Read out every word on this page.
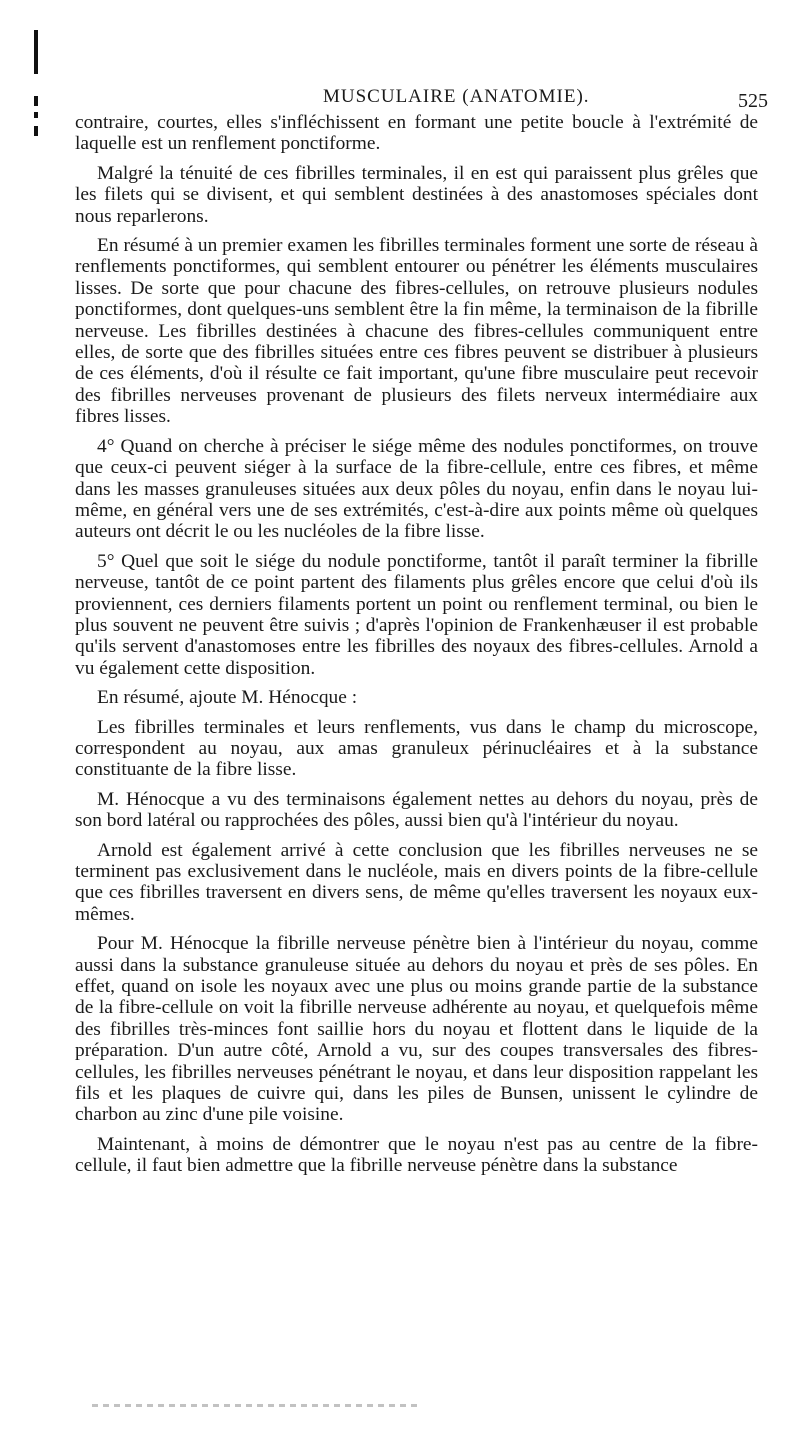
MUSCULAIRE (ANATOMIE).	525

contraire, courtes, elles s'infléchissent en formant une petite boucle à l'extrémité de laquelle est un renflement ponctiforme.

Malgré la ténuité de ces fibrilles terminales, il en est qui paraissent plus grêles que les filets qui se divisent, et qui semblent destinées à des anastomoses spéciales dont nous reparlerons.

En résumé à un premier examen les fibrilles terminales forment une sorte de réseau à renflements ponctiformes, qui semblent entourer ou pénétrer les éléments musculaires lisses. De sorte que pour chacune des fibres-cellules, on retrouve plusieurs nodules ponctiformes, dont quelques-uns semblent être la fin même, la terminaison de la fibrille nerveuse. Les fibrilles destinées à chacune des fibres-cellules communiquent entre elles, de sorte que des fibrilles situées entre ces fibres peuvent se distribuer à plusieurs de ces éléments, d'où il résulte ce fait important, qu'une fibre musculaire peut recevoir des fibrilles nerveuses provenant de plusieurs des filets nerveux intermédiaire aux fibres lisses.

4° Quand on cherche à préciser le siége même des nodules ponctiformes, on trouve que ceux-ci peuvent siéger à la surface de la fibre-cellule, entre ces fibres, et même dans les masses granuleuses situées aux deux pôles du noyau, enfin dans le noyau lui-même, en général vers une de ses extrémités, c'est-à-dire aux points même où quelques auteurs ont décrit le ou les nucléoles de la fibre lisse.

5° Quel que soit le siége du nodule ponctiforme, tantôt il paraît terminer la fibrille nerveuse, tantôt de ce point partent des filaments plus grêles encore que celui d'où ils proviennent, ces derniers filaments portent un point ou renflement terminal, ou bien le plus souvent ne peuvent être suivis ; d'après l'opinion de Frankenhæuser il est probable qu'ils servent d'anastomoses entre les fibrilles des noyaux des fibres-cellules. Arnold a vu également cette disposition.

En résumé, ajoute M. Hénocque :

Les fibrilles terminales et leurs renflements, vus dans le champ du microscope, correspondent au noyau, aux amas granuleux périnucléaires et à la substance constituante de la fibre lisse.

M. Hénocque a vu des terminaisons également nettes au dehors du noyau, près de son bord latéral ou rapprochées des pôles, aussi bien qu'à l'intérieur du noyau.

Arnold est également arrivé à cette conclusion que les fibrilles nerveuses ne se terminent pas exclusivement dans le nucléole, mais en divers points de la fibre-cellule que ces fibrilles traversent en divers sens, de même qu'elles traversent les noyaux eux-mêmes.

Pour M. Hénocque la fibrille nerveuse pénètre bien à l'intérieur du noyau, comme aussi dans la substance granuleuse située au dehors du noyau et près de ses pôles. En effet, quand on isole les noyaux avec une plus ou moins grande partie de la substance de la fibre-cellule on voit la fibrille nerveuse adhérente au noyau, et quelquefois même des fibrilles très-minces font saillie hors du noyau et flottent dans le liquide de la préparation. D'un autre côté, Arnold a vu, sur des coupes transversales des fibres-cellules, les fibrilles nerveuses pénétrant le noyau, et dans leur disposition rappelant les fils et les plaques de cuivre qui, dans les piles de Bunsen, unissent le cylindre de charbon au zinc d'une pile voisine.

Maintenant, à moins de démontrer que le noyau n'est pas au centre de la fibre-cellule, il faut bien admettre que la fibrille nerveuse pénètre dans la substance
